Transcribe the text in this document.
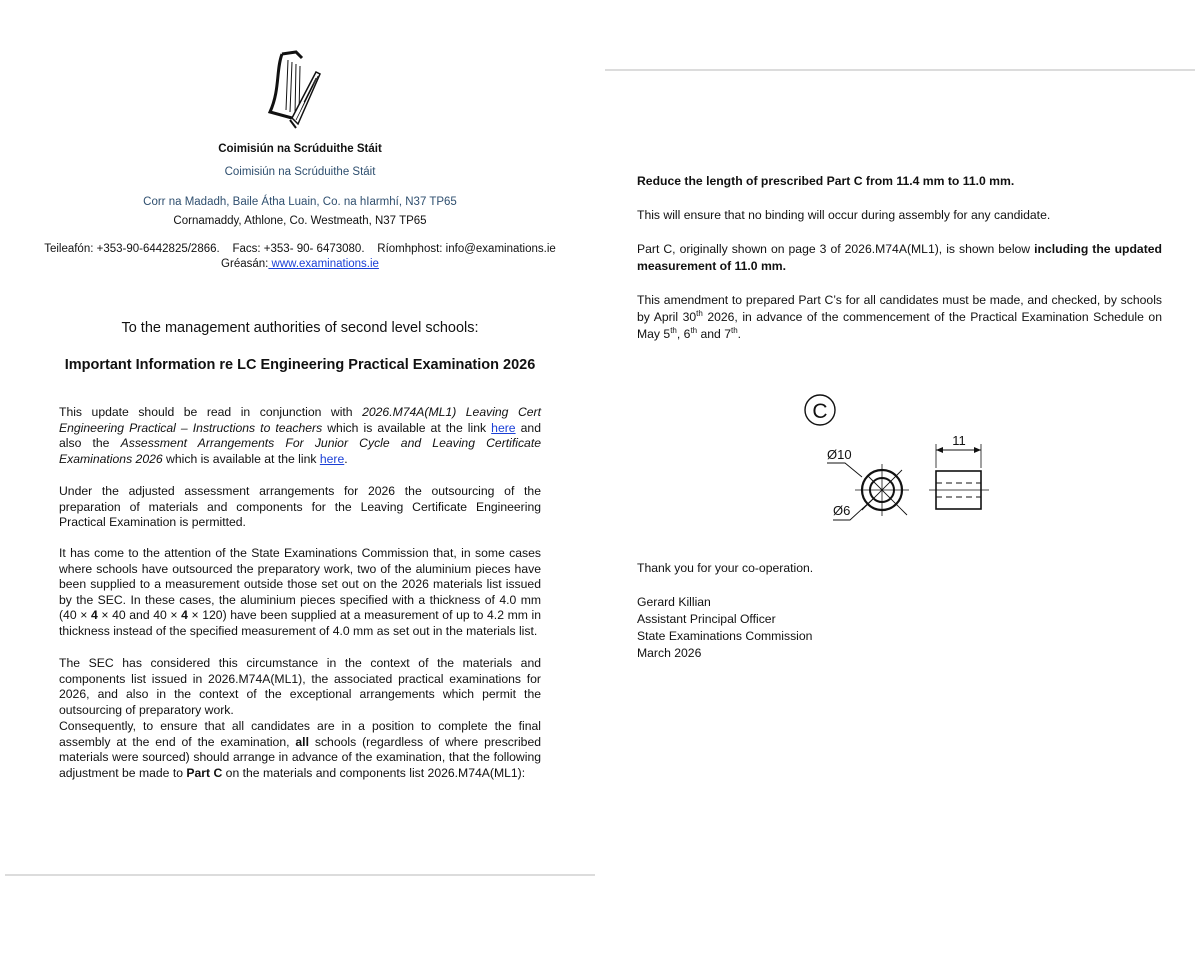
Coimisiún na Scrúduithe Stáit
Coimisiún na Scrúduithe Stáit
Corr na Madadh, Baile Átha Luain, Co. na hIarmhí, N37 TP65
Cornamaddy, Athlone, Co. Westmeath, N37 TP65
Teileafón: +353-90-6442825/2866.    Facs: +353- 90- 6473080.    Ríomhphost: info@examinations.ie
Gréasán: www.examinations.ie
To the management authorities of second level schools:
Important Information re LC Engineering Practical Examination 2026
This update should be read in conjunction with 2026.M74A(ML1) Leaving Cert Engineering Practical – Instructions to teachers which is available at the link here and also the Assessment Arrangements For Junior Cycle and Leaving Certificate Examinations 2026 which is available at the link here.
Under the adjusted assessment arrangements for 2026 the outsourcing of the preparation of materials and components for the Leaving Certificate Engineering Practical Examination is permitted.
It has come to the attention of the State Examinations Commission that, in some cases where schools have outsourced the preparatory work, two of the aluminium pieces have been supplied to a measurement outside those set out on the 2026 materials list issued by the SEC. In these cases, the aluminium pieces specified with a thickness of 4.0 mm (40 × 4 × 40 and 40 × 4 × 120) have been supplied at a measurement of up to 4.2 mm in thickness instead of the specified measurement of 4.0 mm as set out in the materials list.
The SEC has considered this circumstance in the context of the materials and components list issued in 2026.M74A(ML1), the associated practical examinations for 2026, and also in the context of the exceptional arrangements which permit the outsourcing of preparatory work.
Consequently, to ensure that all candidates are in a position to complete the final assembly at the end of the examination, all schools (regardless of where prescribed materials were sourced) should arrange in advance of the examination, that the following adjustment be made to Part C on the materials and components list 2026.M74A(ML1):
Reduce the length of prescribed Part C from 11.4 mm to 11.0 mm.
This will ensure that no binding will occur during assembly for any candidate.
Part C, originally shown on page 3 of 2026.M74A(ML1), is shown below including the updated measurement of 11.0 mm.
This amendment to prepared Part C’s for all candidates must be made, and checked, by schools by April 30th 2026, in advance of the commencement of the Practical Examination Schedule on May 5th, 6th and 7th.
C
Ø10
Ø6
11
Thank you for your co-operation.
Gerard Killian
Assistant Principal Officer
State Examinations Commission
March 2026
